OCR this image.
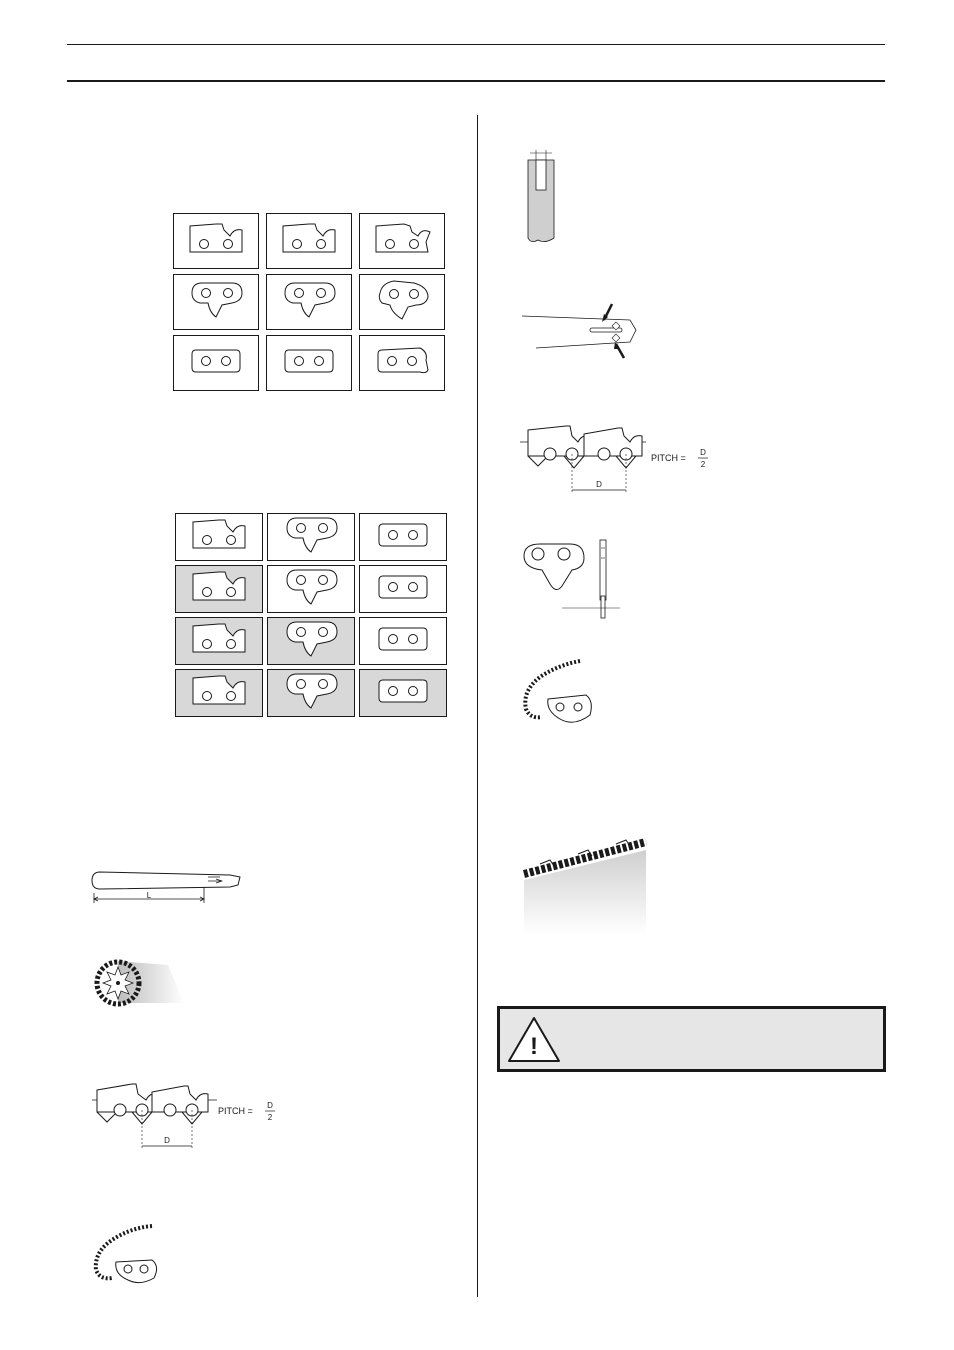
L
D
PITCH =
D
2
D
PITCH =
D
2
!
